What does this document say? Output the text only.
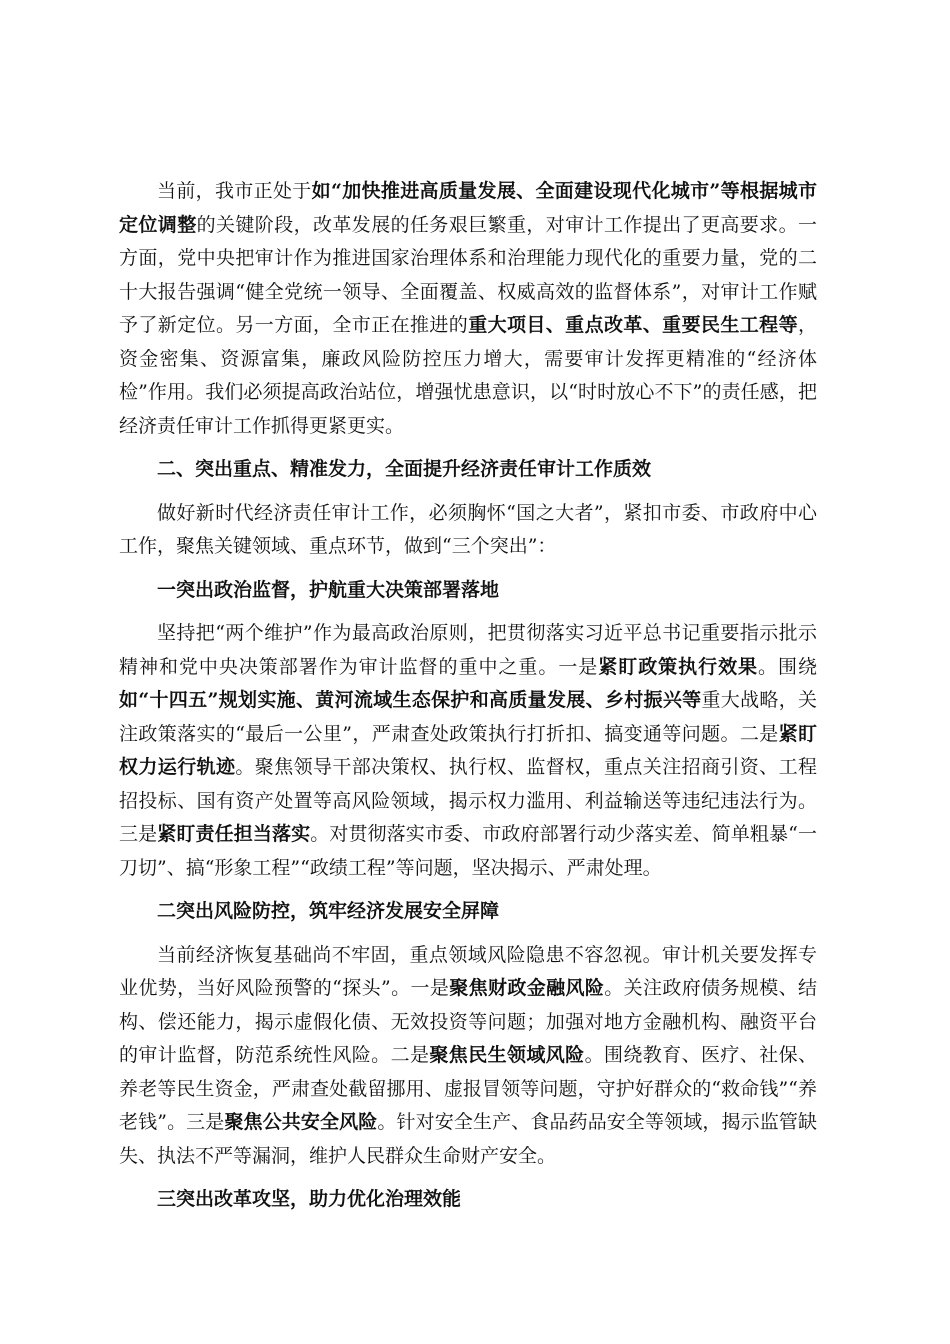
当前，我市正处于如“加快推进高质量发展、全面建设现代化城市”等根据城市定位调整的关键阶段，改革发展的任务艰巨繁重，对审计工作提出了更高要求。一方面，党中央把审计作为推进国家治理体系和治理能力现代化的重要力量，党的二十大报告强调“健全党统一领导、全面覆盖、权威高效的监督体系”，对审计工作赋予了新定位。另一方面，全市正在推进的重大项目、重点改革、重要民生工程等，资金密集、资源富集，廉政风险防控压力增大，需要审计发挥更精准的“经济体检”作用。我们必须提高政治站位，增强忧患意识，以“时时放心不下”的责任感，把经济责任审计工作抓得更紧更实。

二、突出重点、精准发力，全面提升经济责任审计工作质效

做好新时代经济责任审计工作，必须胸怀“国之大者”，紧扣市委、市政府中心工作，聚焦关键领域、重点环节，做到“三个突出”：

一突出政治监督，护航重大决策部署落地

坚持把“两个维护”作为最高政治原则，把贯彻落实习近平总书记重要指示批示精神和党中央决策部署作为审计监督的重中之重。一是紧盯政策执行效果。围绕如“十四五”规划实施、黄河流域生态保护和高质量发展、乡村振兴等重大战略，关注政策落实的“最后一公里”，严肃查处政策执行打折扣、搞变通等问题。二是紧盯权力运行轨迹。聚焦领导干部决策权、执行权、监督权，重点关注招商引资、工程招投标、国有资产处置等高风险领域，揭示权力滥用、利益输送等违纪违法行为。三是紧盯责任担当落实。对贯彻落实市委、市政府部署行动少落实差、简单粗暴“一刀切”、搞“形象工程”“政绩工程”等问题，坚决揭示、严肃处理。

二突出风险防控，筑牢经济发展安全屏障

当前经济恢复基础尚不牢固，重点领域风险隐患不容忽视。审计机关要发挥专业优势，当好风险预警的“探头”。一是聚焦财政金融风险。关注政府债务规模、结构、偿还能力，揭示虚假化债、无效投资等问题；加强对地方金融机构、融资平台的审计监督，防范系统性风险。二是聚焦民生领域风险。围绕教育、医疗、社保、养老等民生资金，严肃查处截留挪用、虚报冒领等问题，守护好群众的“救命钱”“养老钱”。三是聚焦公共安全风险。针对安全生产、食品药品安全等领域，揭示监管缺失、执法不严等漏洞，维护人民群众生命财产安全。

三突出改革攻坚，助力优化治理效能
